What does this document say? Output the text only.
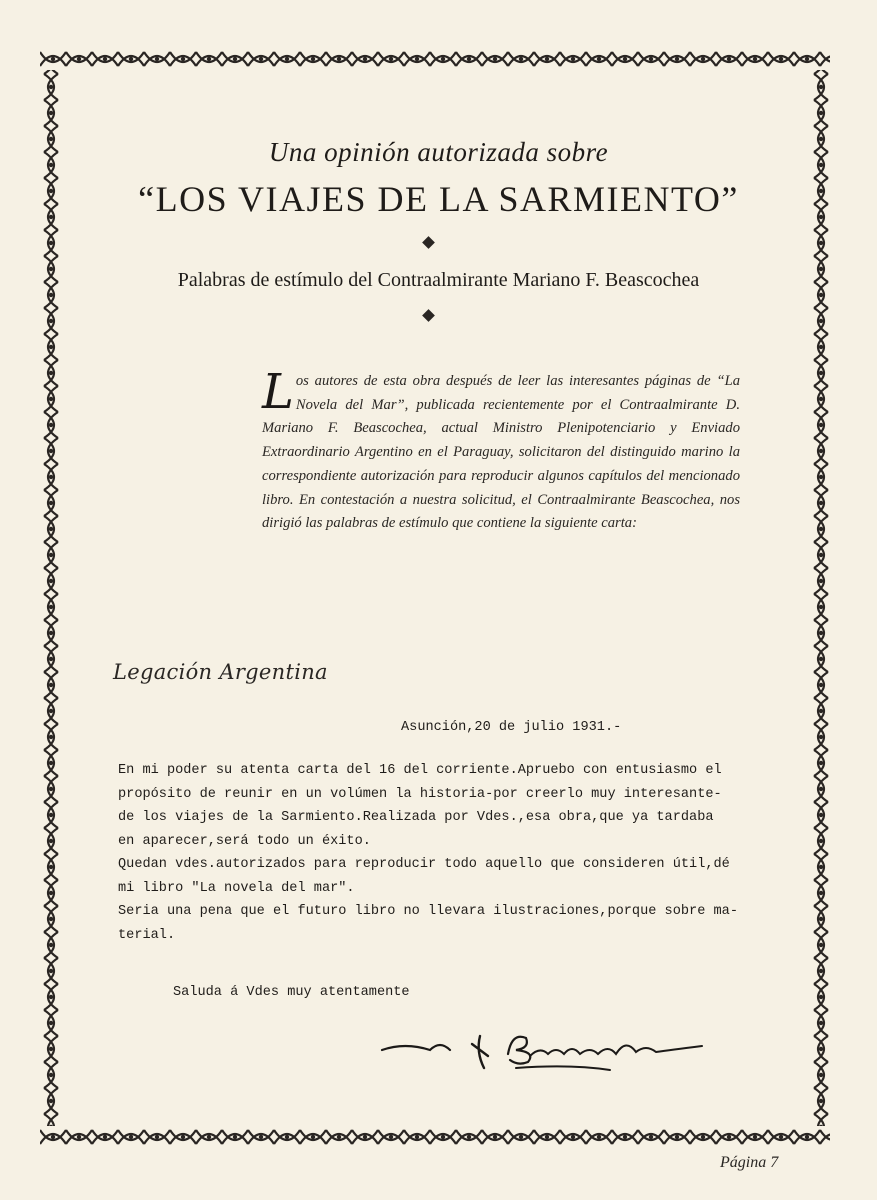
Una opinión autorizada sobre
“LOS VIAJES DE LA SARMIENTO”
Palabras de estímulo del Contraalmirante Mariano F. Beascochea
Los autores de esta obra después de leer las interesantes páginas de “La Novela del Mar”, publicada recientemente por el Contraalmirante D. Mariano F. Beascochea, actual Ministro Plenipotenciario y Enviado Extraordinario Argentino en el Paraguay, solicitaron del distinguido marino la correspondiente autorización para reproducir algunos capítulos del mencionado libro. En contestación a nuestra solicitud, el Contraalmirante Beascochea, nos dirigió las palabras de estímulo que contiene la siguiente carta:
Legación Argentina
Asunción,20 de julio 1931.-
En mi poder su atenta carta del 16 del corriente.Apruebo con entusiasmo el
propósito de reunir en un volúmen la historia-por creerlo muy interesante-
de los viajes de la Sarmiento.Realizada por Vdes.,esa obra,que ya tardaba
en aparecer,será todo un éxito.
Quedan vdes.autorizados para reproducir todo aquello que consideren útil,dé
mi libro "La novela del mar".
Seria una pena que el futuro libro no llevara ilustraciones,porque sobre ma-
terial.
Saluda á Vdes muy atentamente
Página 7
